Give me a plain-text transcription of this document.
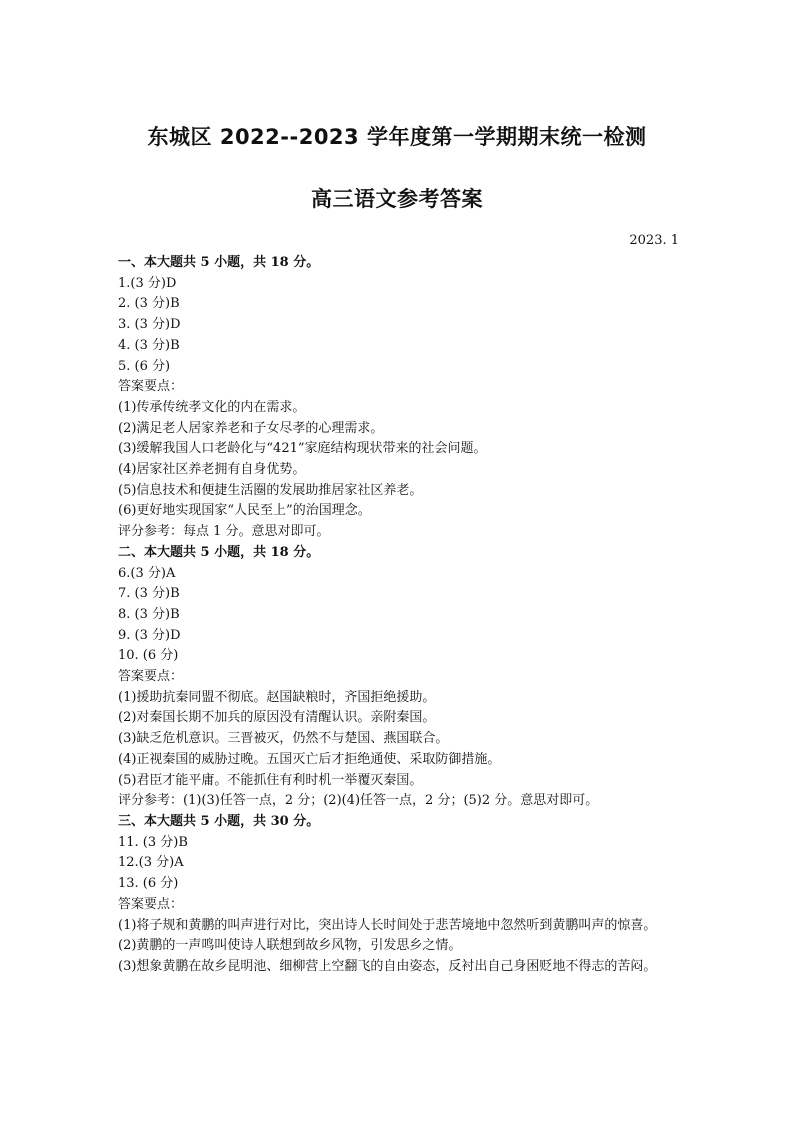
东城区 2022--2023 学年度第一学期期末统一检测
高三语文参考答案
2023. 1
一、本大题共 5 小题，共 18 分。
1.(3 分)D
2. (3 分)B
3. (3 分)D
4. (3 分)B
5. (6 分)
答案要点：
(1)传承传统孝文化的内在需求。
(2)满足老人居家养老和子女尽孝的心理需求。
(3)缓解我国人口老龄化与“421”家庭结构现状带来的社会问题。
(4)居家社区养老拥有自身优势。
(5)信息技术和便捷生活圈的发展助推居家社区养老。
(6)更好地实现国家“人民至上”的治国理念。
评分参考：每点 1 分。意思对即可。
二、本大题共 5 小题，共 18 分。
6.(3 分)A
7. (3 分)B
8. (3 分)B
9. (3 分)D
10. (6 分)
答案要点：
(1)援助抗秦同盟不彻底。赵国缺粮时，齐国拒绝援助。
(2)对秦国长期不加兵的原因没有清醒认识。亲附秦国。
(3)缺乏危机意识。三晋被灭，仍然不与楚国、燕国联合。
(4)正视秦国的威胁过晚。五国灭亡后才拒绝通使、采取防御措施。
(5)君臣才能平庸。不能抓住有利时机一举覆灭秦国。
评分参考：(1)(3)任答一点，2 分；(2)(4)任答一点，2 分；(5)2 分。意思对即可。
三、本大题共 5 小题，共 30 分。
11. (3 分)B
12.(3 分)A
13. (6 分)
答案要点：
(1)将子规和黄鹏的叫声进行对比，突出诗人长时间处于悲苦境地中忽然听到黄鹏叫声的惊喜。
(2)黄鹏的一声鸣叫使诗人联想到故乡风物，引发思乡之情。
(3)想象黄鹏在故乡昆明池、细柳营上空翻飞的自由姿态，反衬出自己身困贬地不得志的苦闷。
